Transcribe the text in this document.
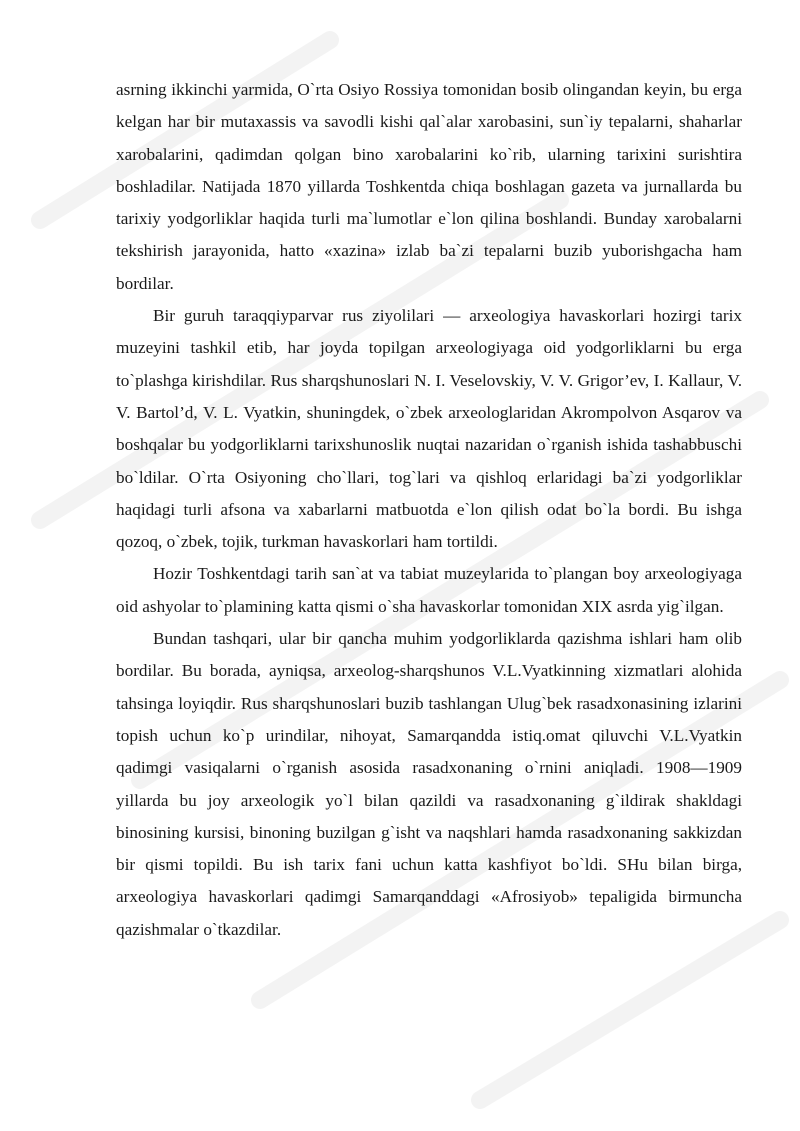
asrning ikkinchi yarmida, O`rta Osiyo Rossiya tomonidan bosib olingandan keyin, bu erga kelgan har bir mutaxassis va savodli kishi qal`alar xarobasini, sun`iy tepalarni, shaharlar xarobalarini, qadimdan qolgan bino xarobalarini ko`rib, ularning tarixini surishtira boshladilar. Natijada 1870 yillarda Toshkentda chiqa boshlagan gazeta va jurnallarda bu tarixiy yodgorliklar haqida turli ma`lumotlar e`lon qilina boshlandi. Bunday xarobalarni tekshirish jarayonida, hatto «xazina» izlab ba`zi tepalarni buzib yuborishgacha ham bordilar.

Bir guruh taraqqiyparvar rus ziyolilari — arxeologiya havaskorlari hozirgi tarix muzeyini tashkil etib, har joyda topilgan arxeologiyaga oid yodgorliklarni bu erga to`plashga kirishdilar. Rus sharqshunoslari N. I. Veselovskiy, V. V. Grigor’ev, I. Kallaur, V. V. Bartol’d, V. L. Vyatkin, shuningdek, o`zbek arxeologlaridan Akrompolvon Asqarov va boshqalar bu yodgorliklarni tarixshunoslik nuqtai nazaridan o`rganish ishida tashabbuschi bo`ldilar. O`rta Osiyoning cho`llari, tog`lari va qishloq erlaridagi ba`zi yodgorliklar haqidagi turli afsona va xabarlarni matbuotda e`lon qilish odat bo`la bordi. Bu ishga qozoq, o`zbek, tojik, turkman havaskorlari ham tortildi.

Hozir Toshkentdagi tarih san`at va tabiat muzeylarida to`plangan boy arxeologiyaga oid ashyolar to`plamining katta qismi o`sha havaskorlar tomonidan XIX asrda yig`ilgan.

Bundan tashqari, ular bir qancha muhim yodgorliklarda qazishma ishlari ham olib bordilar. Bu borada, ayniqsa, arxeolog-sharqshunos V.L.Vyatkinning xizmatlari alohida tahsinga loyiqdir. Rus sharqshunoslari buzib tashlangan Ulug`bek rasadxonasining izlarini topish uchun ko`p urindilar, nihoyat, Samarqandda istiq.omat qiluvchi V.L.Vyatkin qadimgi vasiqalarni o`rganish asosida rasadxonaning o`rnini aniqladi. 1908—1909 yillarda bu joy arxeologik yo`l bilan qazildi va rasadxonaning g`ildirak shakldagi binosining kursisi, binoning buzilgan g`isht va naqshlari hamda rasadxonaning sakkizdan bir qismi topildi. Bu ish tarix fani uchun katta kashfiyot bo`ldi. SHu bilan birga, arxeologiya havaskorlari qadimgi Samarqanddagi «Afrosiyob» tepaligida birmuncha qazishmalar o`tkazdilar.
